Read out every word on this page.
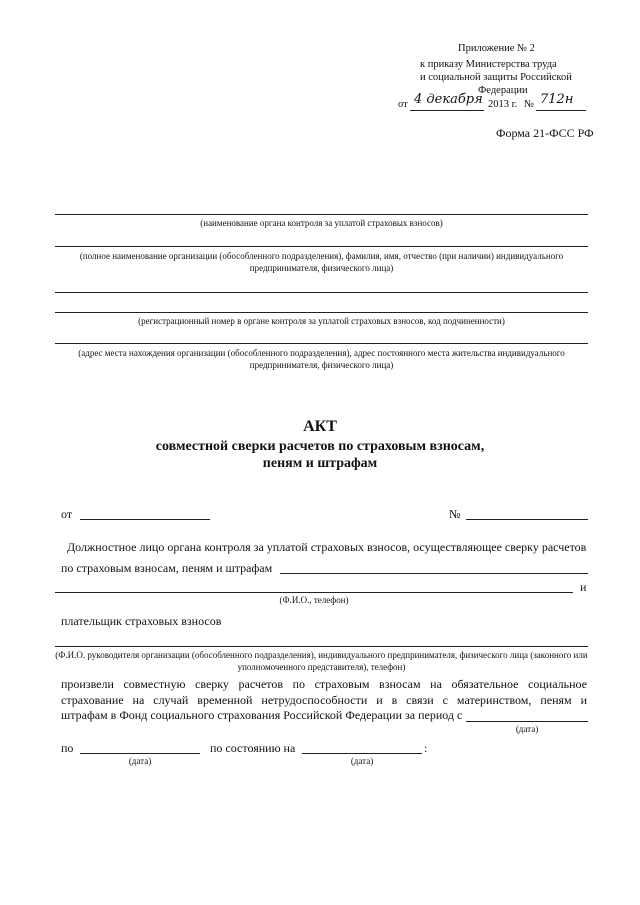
Приложение № 2
к приказу Министерства труда
и социальной защиты Российской
Федерации
от 4 декабря 2013 г. № 712н
Форма 21-ФСС РФ
(наименование органа контроля за уплатой страховых взносов)
(полное наименование организации (обособленного подразделения), фамилия, имя, отчество (при наличии) индивидуального предпринимателя, физического лица)
(регистрационный номер в органе контроля за уплатой страховых взносов, код подчиненности)
(адрес места нахождения организации (обособленного подразделения), адрес постоянного места жительства индивидуального предпринимателя, физического лица)
АКТ
совместной сверки расчетов по страховым взносам,
пеням и штрафам
от	№
Должностное лицо органа контроля за уплатой страховых взносов, осуществляющее сверку расчетов
по страховым взносам, пеням и штрафам
и
(Ф.И.О., телефон)
плательщик страховых взносов
(Ф.И.О. руководителя организации (обособленного подразделения), индивидуального предпринимателя, физического лица (законного или уполномоченного представителя), телефон)
произвели совместную сверку расчетов по страховым взносам на обязательное социальное
страхование на случай временной нетрудоспособности и в связи с материнством, пеням и
штрафам в Фонд социального страхования Российской Федерации за период с
(дата)
по
(дата)
по состоянию на	:
(дата)
